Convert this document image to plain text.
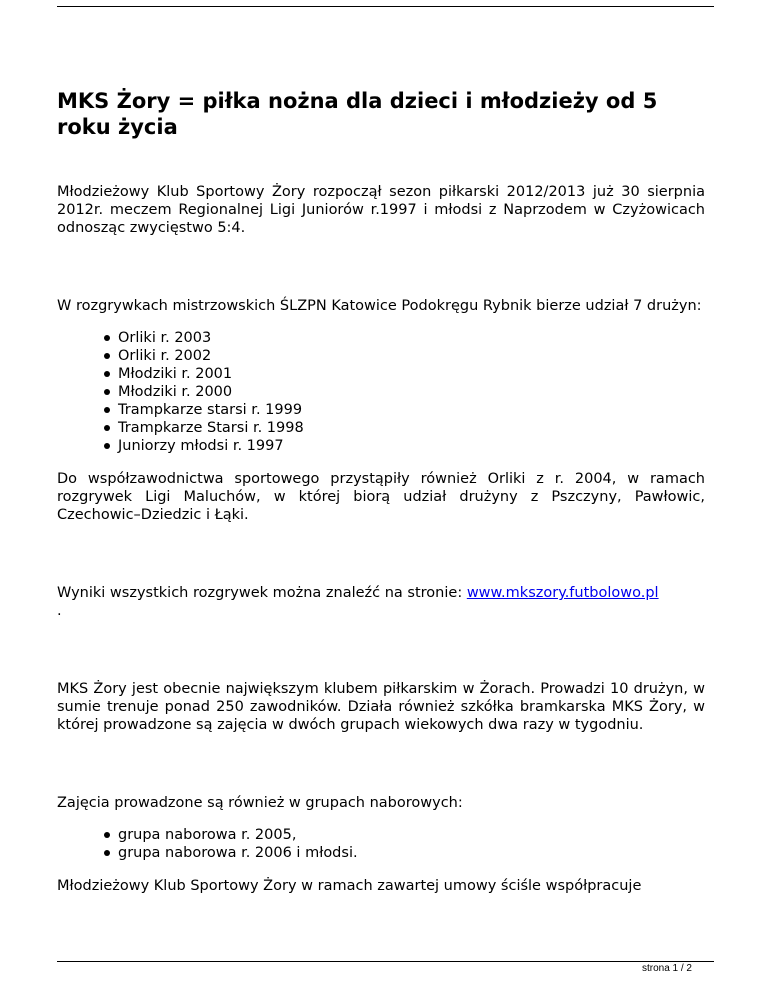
MKS Żory = piłka nożna dla dzieci i młodzieży od 5 roku życia

Młodzieżowy Klub Sportowy Żory rozpoczął sezon piłkarski 2012/2013 już 30 sierpnia 2012r. meczem Regionalnej Ligi Juniorów r.1997 i młodsi z Naprzodem w Czyżowicach odnosząc zwycięstwo 5:4.

W rozgrywkach mistrzowskich ŚLZPN Katowice Podokręgu Rybnik bierze udział 7 drużyn:

Orliki r. 2003
Orliki r. 2002
Młodziki r. 2001
Młodziki r. 2000
Trampkarze starsi r. 1999
Trampkarze Starsi r. 1998
Juniorzy młodsi r. 1997

Do współzawodnictwa sportowego przystąpiły również Orliki z r. 2004, w ramach rozgrywek Ligi Maluchów, w której biorą udział drużyny z Pszczyny, Pawłowic, Czechowic–Dziedzic i Łąki.

Wyniki wszystkich rozgrywek można znaleźć na stronie: www.mkszory.futbolowo.pl
.

MKS Żory jest obecnie największym klubem piłkarskim w Żorach. Prowadzi 10 drużyn, w sumie trenuje ponad 250 zawodników. Działa również szkółka bramkarska MKS Żory, w której prowadzone są zajęcia w dwóch grupach wiekowych dwa razy w tygodniu.

Zajęcia prowadzone są również w grupach naborowych:

grupa naborowa r. 2005,
grupa naborowa r. 2006 i młodsi.

Młodzieżowy Klub Sportowy Żory w ramach zawartej umowy ściśle współpracuje

strona 1 / 2
